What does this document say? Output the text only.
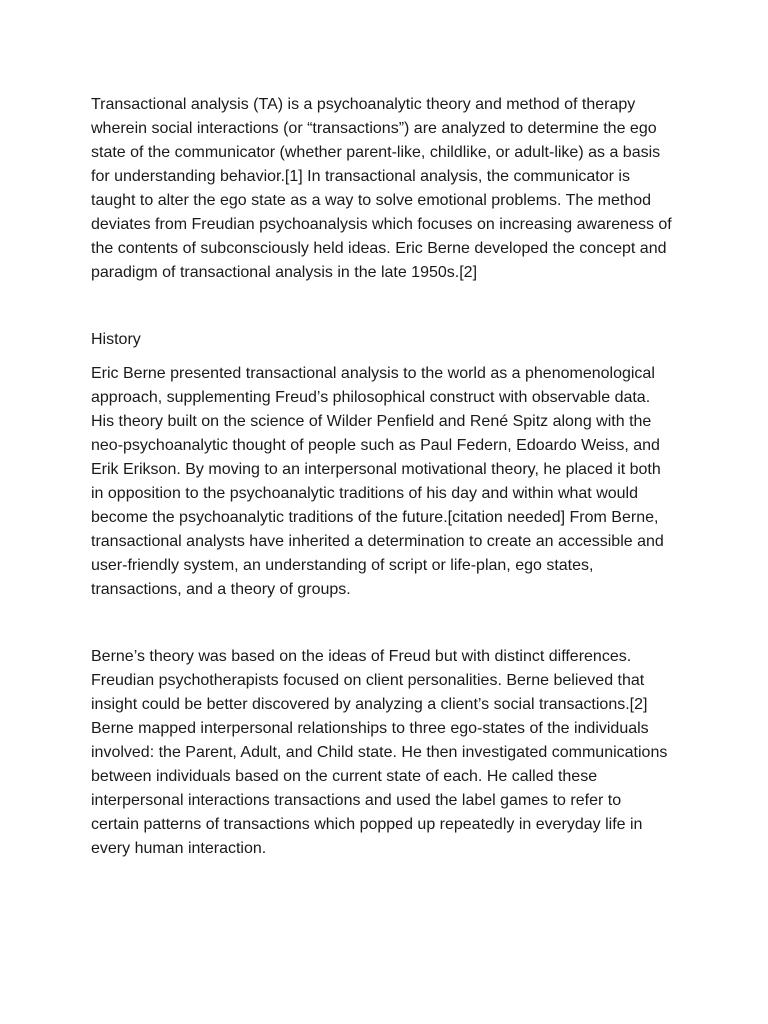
Transactional analysis (TA) is a psychoanalytic theory and method of therapy
wherein social interactions (or “transactions”) are analyzed to determine the ego
state of the communicator (whether parent-like, childlike, or adult-like) as a basis
for understanding behavior.[1] In transactional analysis, the communicator is
taught to alter the ego state as a way to solve emotional problems. The method
deviates from Freudian psychoanalysis which focuses on increasing awareness of
the contents of subconsciously held ideas. Eric Berne developed the concept and
paradigm of transactional analysis in the late 1950s.[2]

History

Eric Berne presented transactional analysis to the world as a phenomenological
approach, supplementing Freud’s philosophical construct with observable data.
His theory built on the science of Wilder Penfield and René Spitz along with the
neo-psychoanalytic thought of people such as Paul Federn, Edoardo Weiss, and
Erik Erikson. By moving to an interpersonal motivational theory, he placed it both
in opposition to the psychoanalytic traditions of his day and within what would
become the psychoanalytic traditions of the future.[citation needed] From Berne,
transactional analysts have inherited a determination to create an accessible and
user-friendly system, an understanding of script or life-plan, ego states,
transactions, and a theory of groups.

Berne’s theory was based on the ideas of Freud but with distinct differences.
Freudian psychotherapists focused on client personalities. Berne believed that
insight could be better discovered by analyzing a client’s social transactions.[2]
Berne mapped interpersonal relationships to three ego-states of the individuals
involved: the Parent, Adult, and Child state. He then investigated communications
between individuals based on the current state of each. He called these
interpersonal interactions transactions and used the label games to refer to
certain patterns of transactions which popped up repeatedly in everyday life in
every human interaction.
